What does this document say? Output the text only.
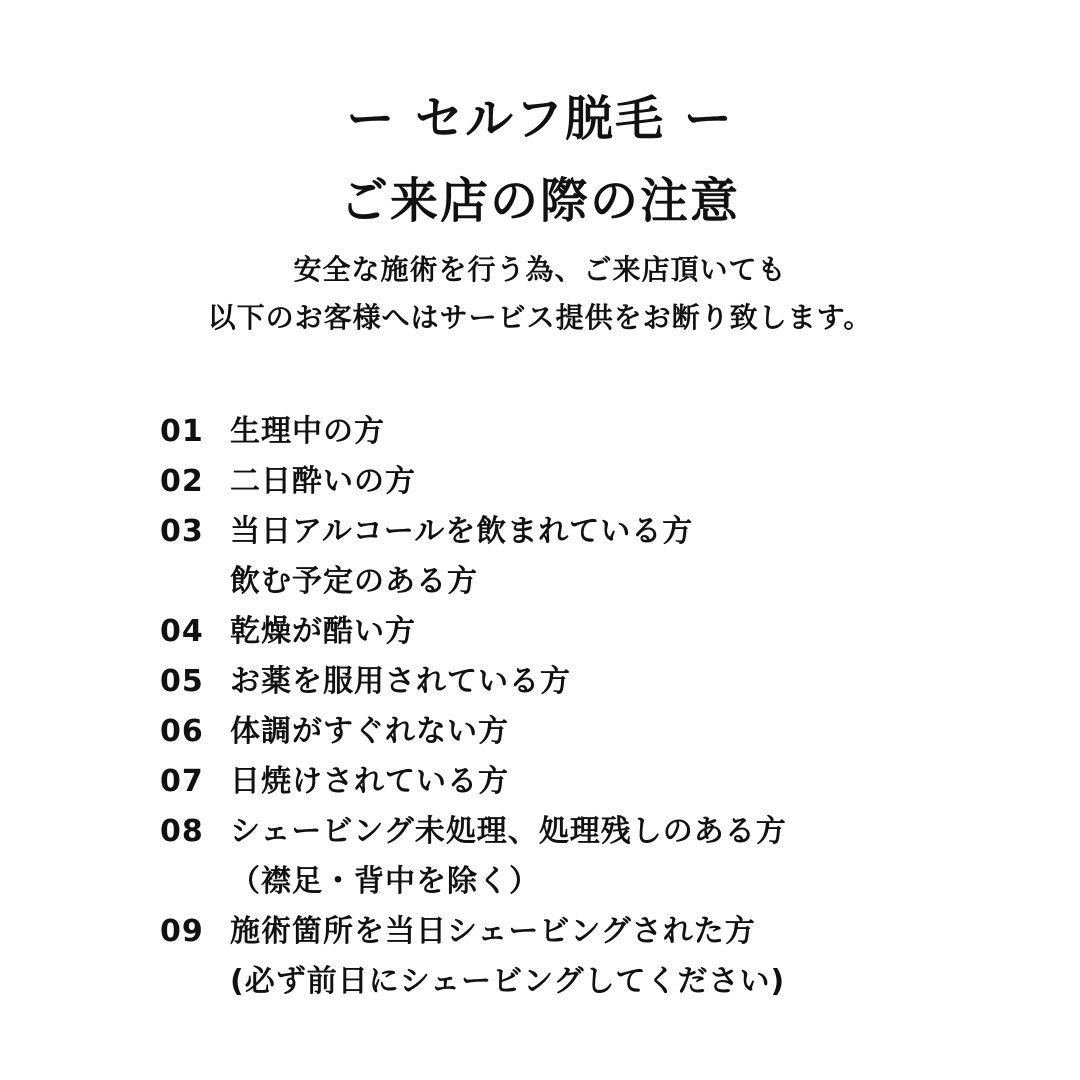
ー セルフ脱毛 ー
ご来店の際の注意
安全な施術を行う為、ご来店頂いても
以下のお客様へはサービス提供をお断り致します。
01 生理中の方
02 二日酔いの方
03 当日アルコールを飲まれている方
飲む予定のある方
04 乾燥が酷い方
05 お薬を服用されている方
06 体調がすぐれない方
07 日焼けされている方
08 シェービング未処理、処理残しのある方
（襟足・背中を除く）
09 施術箇所を当日シェービングされた方
(必ず前日にシェービングしてください)
